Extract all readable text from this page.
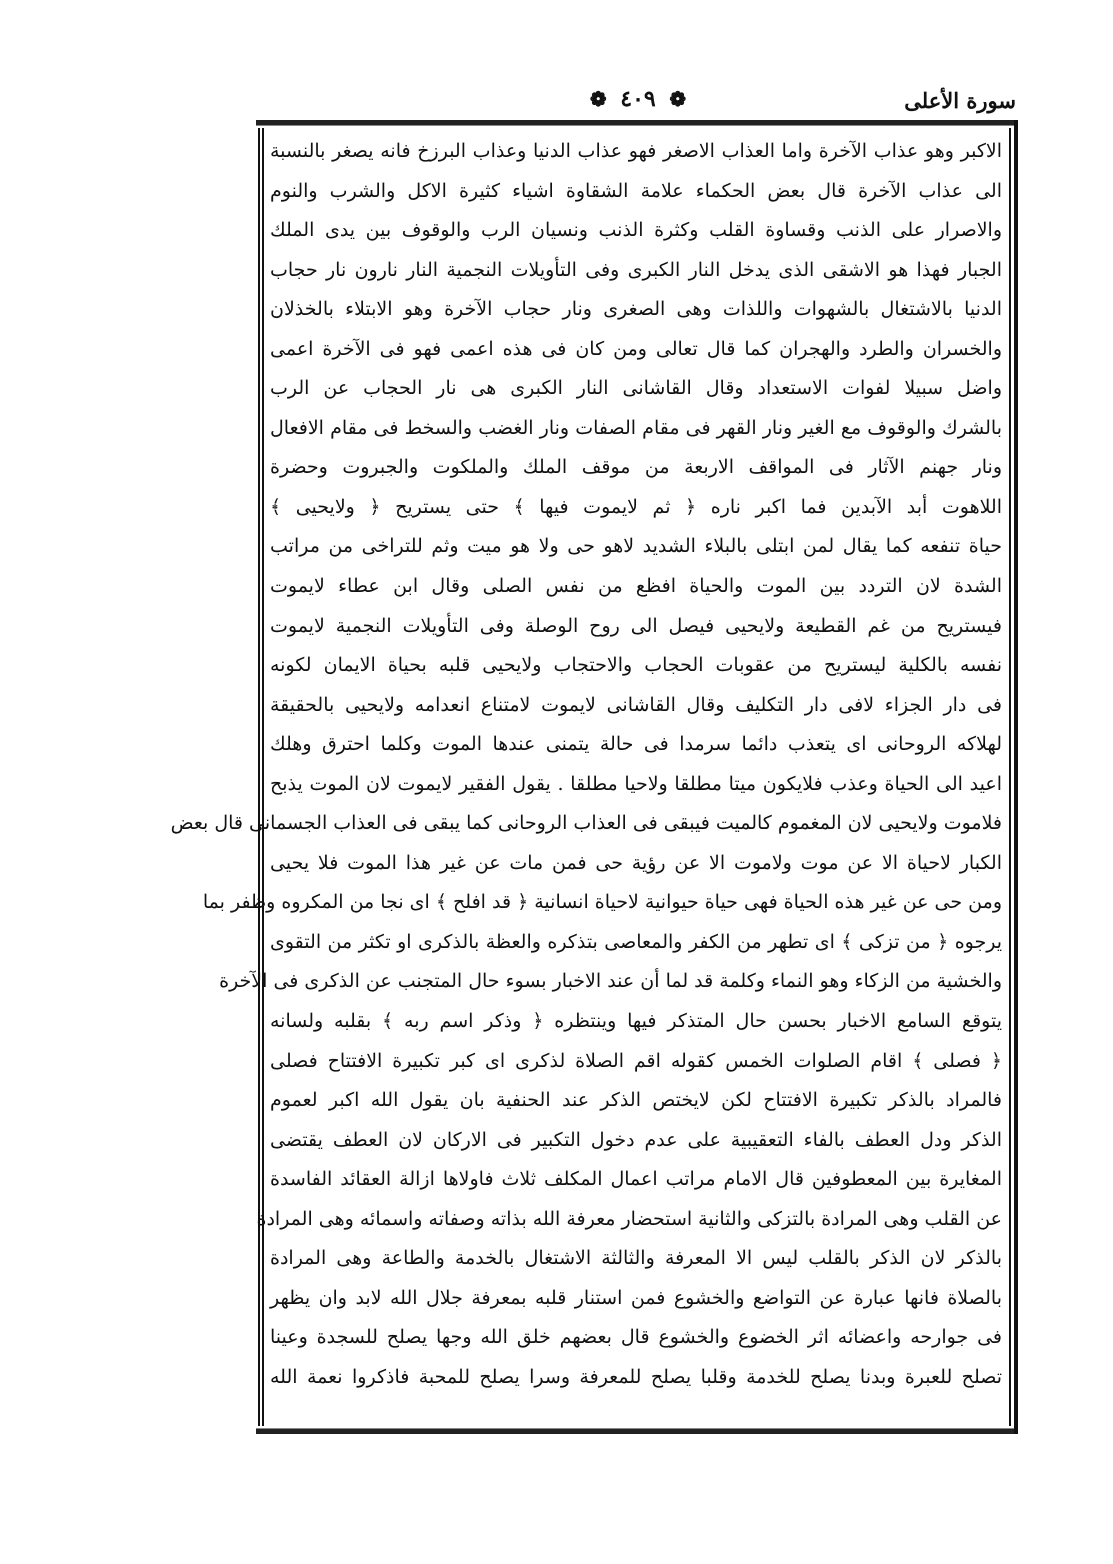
سورة الأعلى
❁ ٤٠٩ ❁
الاكبر وهو عذاب الآخرة واما العذاب الاصغر فهو عذاب الدنيا وعذاب البرزخ فانه يصغر بالنسبة
الى عذاب الآخرة قال بعض الحكماء علامة الشقاوة اشياء كثيرة الاكل والشرب والنوم
والاصرار على الذنب وقساوة القلب وكثرة الذنب ونسيان الرب والوقوف بين يدى الملك
الجبار فهذا هو الاشقى الذى يدخل النار الكبرى وفى التأويلات النجمية النار نارون نار حجاب
الدنيا بالاشتغال بالشهوات واللذات وهى الصغرى ونار حجاب الآخرة وهو الابتلاء بالخذلان
والخسران والطرد والهجران كما قال تعالى ومن كان فى هذه اعمى فهو فى الآخرة اعمى
واضل سبيلا لفوات الاستعداد وقال القاشانى النار الكبرى هى نار الحجاب عن الرب
بالشرك والوقوف مع الغير ونار القهر فى مقام الصفات ونار الغضب والسخط فى مقام الافعال
ونار جهنم الآثار فى المواقف الاربعة من موقف الملك والملكوت والجبروت وحضرة
اللاهوت أبد الآبدين فما اكبر ناره ﴿ ثم لايموت فيها ﴾ حتى يستريح ﴿ ولايحيى ﴾
حياة تنفعه كما يقال لمن ابتلى بالبلاء الشديد لاهو حى ولا هو ميت وثم للتراخى من مراتب
الشدة لان التردد بين الموت والحياة افظع من نفس الصلى وقال ابن عطاء لايموت
فيستريح من غم القطيعة ولايحيى فيصل الى روح الوصلة وفى التأويلات النجمية لايموت
نفسه بالكلية ليستريح من عقوبات الحجاب والاحتجاب ولايحيى قلبه بحياة الايمان لكونه
فى دار الجزاء لافى دار التكليف وقال القاشانى لايموت لامتناع انعدامه ولايحيى بالحقيقة
لهلاكه الروحانى اى يتعذب دائما سرمدا فى حالة يتمنى عندها الموت وكلما احترق وهلك
اعيد الى الحياة وعذب فلايكون ميتا مطلقا ولاحيا مطلقا . يقول الفقير لايموت لان الموت يذبح
فلاموت ولايحيى لان المغموم كالميت فيبقى فى العذاب الروحانى كما يبقى فى العذاب الجسمانى قال بعض
الكبار لاحياة الا عن موت ولاموت الا عن رؤية حى فمن مات عن غير هذا الموت فلا يحيى
ومن حى عن غير هذه الحياة فهى حياة حيوانية لاحياة انسانية ﴿ قد افلح ﴾ اى نجا من المكروه وظفر بما
يرجوه ﴿ من تزكى ﴾ اى تطهر من الكفر والمعاصى بتذكره والعظة بالذكرى او تكثر من التقوى
والخشية من الزكاء وهو النماء وكلمة قد لما أن عند الاخبار بسوء حال المتجنب عن الذكرى فى الآخرة
يتوقع السامع الاخبار بحسن حال المتذكر فيها وينتظره ﴿ وذكر اسم ربه ﴾ بقلبه ولسانه
﴿ فصلى ﴾ اقام الصلوات الخمس كقوله اقم الصلاة لذكرى اى كبر تكبيرة الافتتاح فصلى
فالمراد بالذكر تكبيرة الافتتاح لكن لايختص الذكر عند الحنفية بان يقول الله اكبر لعموم
الذكر ودل العطف بالفاء التعقيبية على عدم دخول التكبير فى الاركان لان العطف يقتضى
المغايرة بين المعطوفين قال الامام مراتب اعمال المكلف ثلاث فاولاها ازالة العقائد الفاسدة
عن القلب وهى المرادة بالتزكى والثانية استحضار معرفة الله بذاته وصفاته واسمائه وهى المرادة
بالذكر لان الذكر بالقلب ليس الا المعرفة والثالثة الاشتغال بالخدمة والطاعة وهى المرادة
بالصلاة فانها عبارة عن التواضع والخشوع فمن استنار قلبه بمعرفة جلال الله لابد وان يظهر
فى جوارحه واعضائه اثر الخضوع والخشوع قال بعضهم خلق الله وجها يصلح للسجدة وعينا
تصلح للعبرة وبدنا يصلح للخدمة وقلبا يصلح للمعرفة وسرا يصلح للمحبة فاذكروا نعمة الله
